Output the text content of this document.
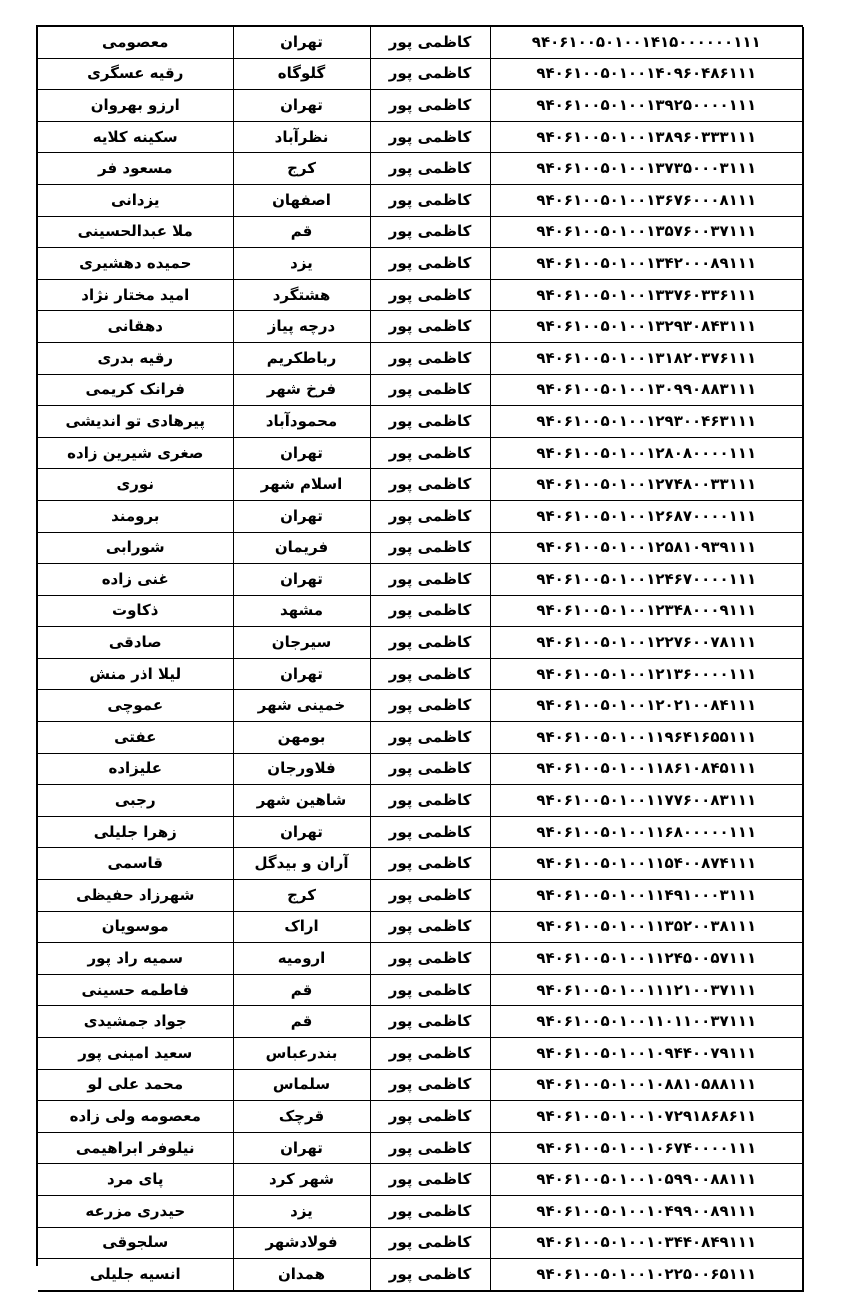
معصومی	تهران	کاظمی پور	۹۴۰۶۱۰۰۵۰۱۰۰۱۴۱۵۰۰۰۰۰۰۱۱۱
رقیه عسگری	گلوگاه	کاظمی پور	۹۴۰۶۱۰۰۵۰۱۰۰۱۴۰۹۶۰۴۸۶۱۱۱
ارزو بهروان	تهران	کاظمی پور	۹۴۰۶۱۰۰۵۰۱۰۰۱۳۹۲۵۰۰۰۰۱۱۱
سکینه کلایه	نظرآباد	کاظمی پور	۹۴۰۶۱۰۰۵۰۱۰۰۱۳۸۹۶۰۳۳۳۱۱۱
مسعود فر	کرج	کاظمی پور	۹۴۰۶۱۰۰۵۰۱۰۰۱۳۷۳۵۰۰۰۳۱۱۱
یزدانی	اصفهان	کاظمی پور	۹۴۰۶۱۰۰۵۰۱۰۰۱۳۶۷۶۰۰۰۸۱۱۱
ملا عبدالحسینی	قم	کاظمی پور	۹۴۰۶۱۰۰۵۰۱۰۰۱۳۵۷۶۰۰۳۷۱۱۱
حمیده دهشیری	یزد	کاظمی پور	۹۴۰۶۱۰۰۵۰۱۰۰۱۳۴۲۰۰۰۸۹۱۱۱
امید مختار نژاد	هشتگرد	کاظمی پور	۹۴۰۶۱۰۰۵۰۱۰۰۱۳۳۷۶۰۳۳۶۱۱۱
دهقانی	درچه پیاز	کاظمی پور	۹۴۰۶۱۰۰۵۰۱۰۰۱۳۲۹۳۰۸۴۳۱۱۱
رقیه بدری	رباطکریم	کاظمی پور	۹۴۰۶۱۰۰۵۰۱۰۰۱۳۱۸۲۰۳۷۶۱۱۱
فرانک کریمی	فرخ شهر	کاظمی پور	۹۴۰۶۱۰۰۵۰۱۰۰۱۳۰۹۹۰۸۸۳۱۱۱
پیرهادی تو اندیشی	محمودآباد	کاظمی پور	۹۴۰۶۱۰۰۵۰۱۰۰۱۲۹۳۰۰۴۶۳۱۱۱
صغری شیرین زاده	تهران	کاظمی پور	۹۴۰۶۱۰۰۵۰۱۰۰۱۲۸۰۸۰۰۰۰۱۱۱
نوری	اسلام شهر	کاظمی پور	۹۴۰۶۱۰۰۵۰۱۰۰۱۲۷۴۸۰۰۳۳۱۱۱
برومند	تهران	کاظمی پور	۹۴۰۶۱۰۰۵۰۱۰۰۱۲۶۸۷۰۰۰۰۱۱۱
شورابی	فریمان	کاظمی پور	۹۴۰۶۱۰۰۵۰۱۰۰۱۲۵۸۱۰۹۳۹۱۱۱
غنی زاده	تهران	کاظمی پور	۹۴۰۶۱۰۰۵۰۱۰۰۱۲۴۶۷۰۰۰۰۱۱۱
ذکاوت	مشهد	کاظمی پور	۹۴۰۶۱۰۰۵۰۱۰۰۱۲۳۴۸۰۰۰۹۱۱۱
صادقی	سیرجان	کاظمی پور	۹۴۰۶۱۰۰۵۰۱۰۰۱۲۲۷۶۰۰۷۸۱۱۱
لیلا اذر منش	تهران	کاظمی پور	۹۴۰۶۱۰۰۵۰۱۰۰۱۲۱۳۶۰۰۰۰۱۱۱
عموچی	خمینی شهر	کاظمی پور	۹۴۰۶۱۰۰۵۰۱۰۰۱۲۰۲۱۰۰۸۴۱۱۱
عفتی	بومهن	کاظمی پور	۹۴۰۶۱۰۰۵۰۱۰۰۱۱۹۶۴۱۶۵۵۱۱۱
علیزاده	فلاورجان	کاظمی پور	۹۴۰۶۱۰۰۵۰۱۰۰۱۱۸۶۱۰۸۴۵۱۱۱
رجبی	شاهین شهر	کاظمی پور	۹۴۰۶۱۰۰۵۰۱۰۰۱۱۷۷۶۰۰۸۳۱۱۱
زهرا جلیلی	تهران	کاظمی پور	۹۴۰۶۱۰۰۵۰۱۰۰۱۱۶۸۰۰۰۰۰۱۱۱
قاسمی	آران و بیدگل	کاظمی پور	۹۴۰۶۱۰۰۵۰۱۰۰۱۱۵۴۰۰۸۷۴۱۱۱
شهرزاد حفیظی	کرج	کاظمی پور	۹۴۰۶۱۰۰۵۰۱۰۰۱۱۴۹۱۰۰۰۳۱۱۱
موسویان	اراک	کاظمی پور	۹۴۰۶۱۰۰۵۰۱۰۰۱۱۳۵۲۰۰۳۸۱۱۱
سمیه راد پور	ارومیه	کاظمی پور	۹۴۰۶۱۰۰۵۰۱۰۰۱۱۲۴۵۰۰۵۷۱۱۱
فاطمه حسینی	قم	کاظمی پور	۹۴۰۶۱۰۰۵۰۱۰۰۱۱۱۲۱۰۰۳۷۱۱۱
جواد جمشیدی	قم	کاظمی پور	۹۴۰۶۱۰۰۵۰۱۰۰۱۱۰۱۱۰۰۳۷۱۱۱
سعید امینی پور	بندرعباس	کاظمی پور	۹۴۰۶۱۰۰۵۰۱۰۰۱۰۹۴۴۰۰۷۹۱۱۱
محمد علی لو	سلماس	کاظمی پور	۹۴۰۶۱۰۰۵۰۱۰۰۱۰۸۸۱۰۵۸۸۱۱۱
معصومه ولی زاده	قرچک	کاظمی پور	۹۴۰۶۱۰۰۵۰۱۰۰۱۰۷۲۹۱۸۶۸۶۱۱
نیلوفر ابراهیمی	تهران	کاظمی پور	۹۴۰۶۱۰۰۵۰۱۰۰۱۰۶۷۴۰۰۰۰۱۱۱
پای مرد	شهر کرد	کاظمی پور	۹۴۰۶۱۰۰۵۰۱۰۰۱۰۵۹۹۰۰۸۸۱۱۱
حیدری مزرعه	یزد	کاظمی پور	۹۴۰۶۱۰۰۵۰۱۰۰۱۰۴۹۹۰۰۸۹۱۱۱
سلجوقی	فولادشهر	کاظمی پور	۹۴۰۶۱۰۰۵۰۱۰۰۱۰۳۴۴۰۸۴۹۱۱۱
انسیه جلیلی	همدان	کاظمی پور	۹۴۰۶۱۰۰۵۰۱۰۰۱۰۲۲۵۰۰۶۵۱۱۱
